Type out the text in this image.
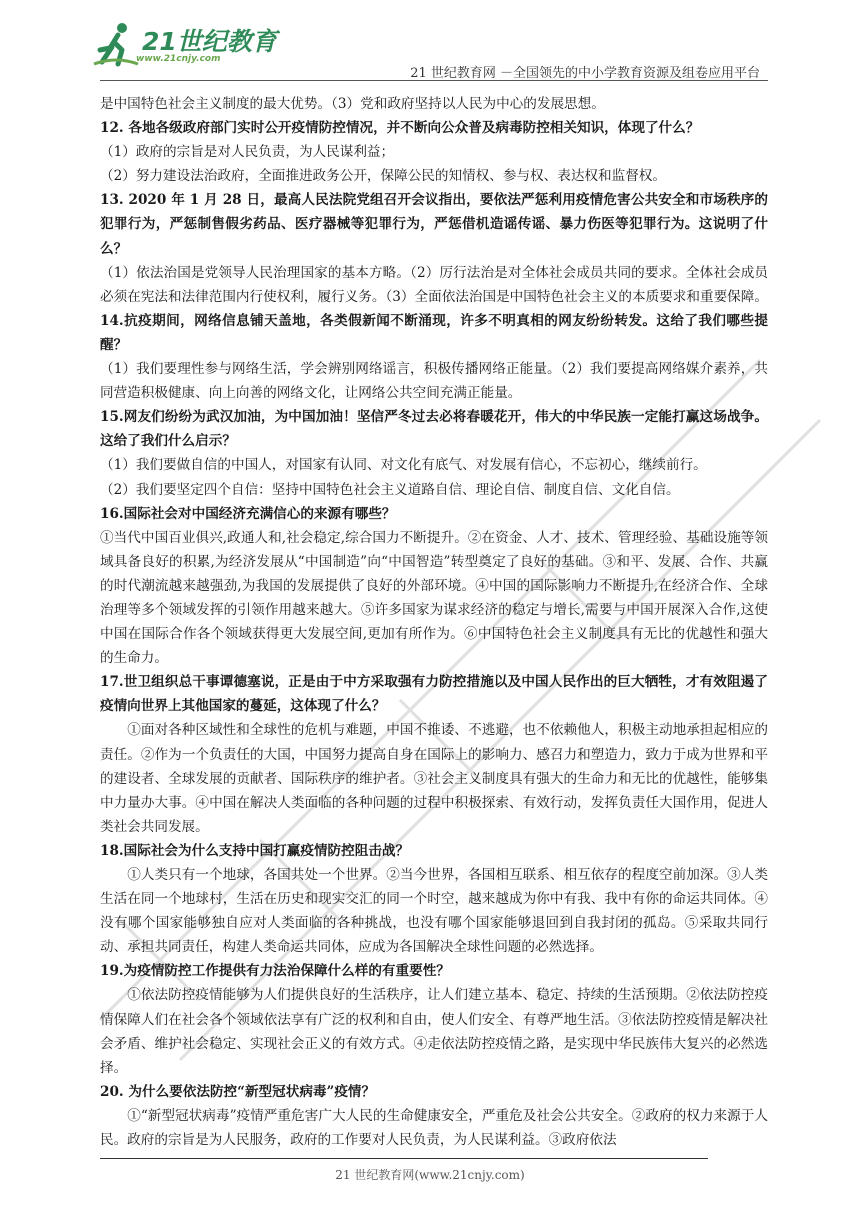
21世纪教育
www.21cnjy.com
21 世纪教育网 －全国领先的中小学教育资源及组卷应用平台

是中国特色社会主义制度的最大优势。（3）党和政府坚持以人民为中心的发展思想。

12. 各地各级政府部门实时公开疫情防控情况，并不断向公众普及病毒防控相关知识，体现了什么？

（1）政府的宗旨是对人民负责，为人民谋利益；

（2）努力建设法治政府，全面推进政务公开，保障公民的知情权、参与权、表达权和监督权。

13. 2020 年 1 月 28 日，最高人民法院党组召开会议指出，要依法严惩利用疫情危害公共安全和市场秩序的犯罪行为，严惩制售假劣药品、医疗器械等犯罪行为，严惩借机造谣传谣、暴力伤医等犯罪行为。这说明了什么？

（1）依法治国是党领导人民治理国家的基本方略。（2）厉行法治是对全体社会成员共同的要求。全体社会成员必须在宪法和法律范围内行使权利，履行义务。（3）全面依法治国是中国特色社会主义的本质要求和重要保障。

14.抗疫期间，网络信息铺天盖地，各类假新闻不断涌现，许多不明真相的网友纷纷转发。这给了我们哪些提醒？

（1）我们要理性参与网络生活，学会辨别网络谣言，积极传播网络正能量。（2）我们要提高网络媒介素养，共同营造积极健康、向上向善的网络文化，让网络公共空间充满正能量。

15.网友们纷纷为武汉加油，为中国加油！坚信严冬过去必将春暖花开，伟大的中华民族一定能打赢这场战争。这给了我们什么启示？

（1）我们要做自信的中国人，对国家有认同、对文化有底气、对发展有信心，不忘初心，继续前行。

（2）我们要坚定四个自信：坚持中国特色社会主义道路自信、理论自信、制度自信、文化自信。

16.国际社会对中国经济充满信心的来源有哪些？

①当代中国百业俱兴,政通人和,社会稳定,综合国力不断提升。②在资金、人才、技术、管理经验、基础设施等领域具备良好的积累,为经济发展从“中国制造”向“中国智造”转型奠定了良好的基础。③和平、发展、合作、共赢的时代潮流越来越强劲,为我国的发展提供了良好的外部环境。④中国的国际影响力不断提升,在经济合作、全球治理等多个领域发挥的引领作用越来越大。⑤许多国家为谋求经济的稳定与增长,需要与中国开展深入合作,这使中国在国际合作各个领域获得更大发展空间,更加有所作为。⑥中国特色社会主义制度具有无比的优越性和强大的生命力。

17.世卫组织总干事谭德塞说，正是由于中方采取强有力防控措施以及中国人民作出的巨大牺牲，才有效阻遏了疫情向世界上其他国家的蔓延，这体现了什么？

①面对各种区域性和全球性的危机与难题，中国不推诿、不逃避，也不依赖他人，积极主动地承担起相应的责任。②作为一个负责任的大国，中国努力提高自身在国际上的影响力、感召力和塑造力，致力于成为世界和平的建设者、全球发展的贡献者、国际秩序的维护者。③社会主义制度具有强大的生命力和无比的优越性，能够集中力量办大事。④中国在解决人类面临的各种问题的过程中积极探索、有效行动，发挥负责任大国作用，促进人类社会共同发展。

18.国际社会为什么支持中国打赢疫情防控阻击战？

①人类只有一个地球，各国共处一个世界。②当今世界，各国相互联系、相互依存的程度空前加深。③人类生活在同一个地球村，生活在历史和现实交汇的同一个时空，越来越成为你中有我、我中有你的命运共同体。④没有哪个国家能够独自应对人类面临的各种挑战，也没有哪个国家能够退回到自我封闭的孤岛。⑤采取共同行动、承担共同责任，构建人类命运共同体，应成为各国解决全球性问题的必然选择。

19.为疫情防控工作提供有力法治保障什么样的有重要性？

①依法防控疫情能够为人们提供良好的生活秩序，让人们建立基本、稳定、持续的生活预期。②依法防控疫情保障人们在社会各个领域依法享有广泛的权利和自由，使人们安全、有尊严地生活。③依法防控疫情是解决社会矛盾、维护社会稳定、实现社会正义的有效方式。④走依法防控疫情之路，是实现中华民族伟大复兴的必然选择。

20. 为什么要依法防控“新型冠状病毒”疫情？

①“新型冠状病毒”疫情严重危害广大人民的生命健康安全，严重危及社会公共安全。②政府的权力来源于人民。政府的宗旨是为人民服务，政府的工作要对人民负责，为人民谋利益。③政府依法

21 世纪教育网(www.21cnjy.com)
